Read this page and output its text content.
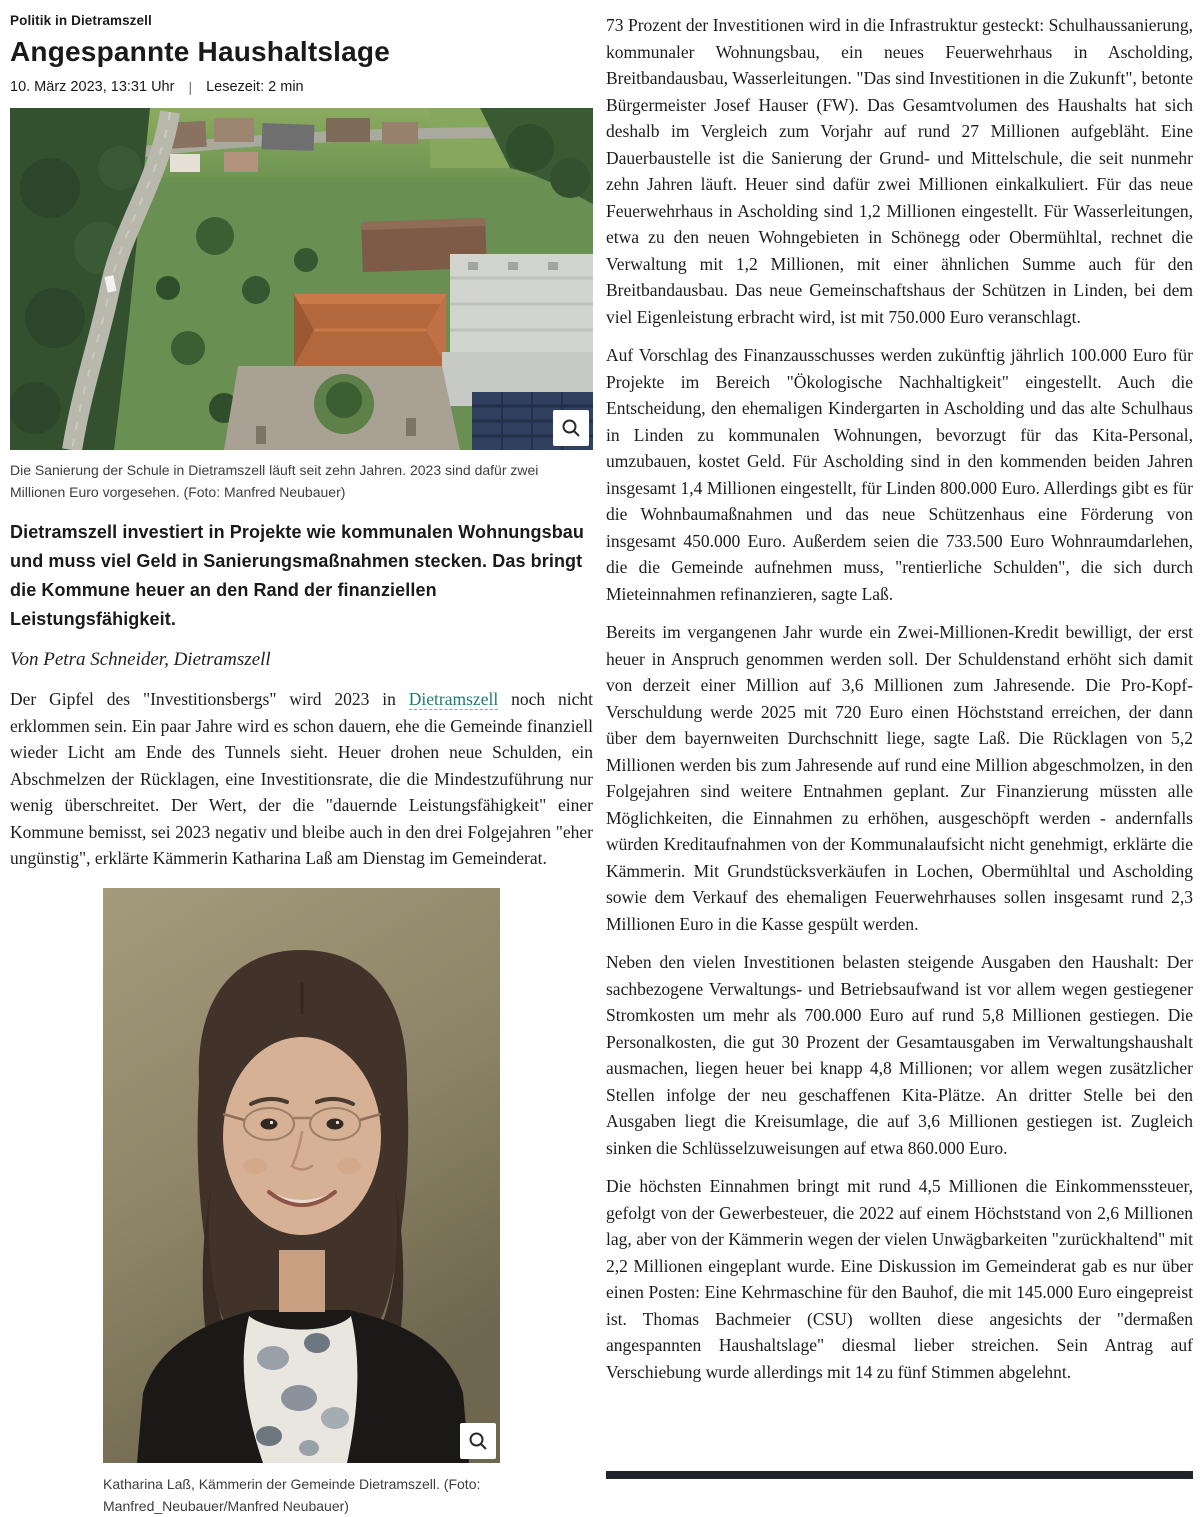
Politik in Dietramszell
Angespannte Haushaltslage
10. März 2023, 13:31 Uhr | Lesezeit: 2 min
Die Sanierung der Schule in Dietramszell läuft seit zehn Jahren. 2023 sind dafür zwei Millionen Euro vorgesehen. (Foto: Manfred Neubauer)

Dietramszell investiert in Projekte wie kommunalen Wohnungsbau und muss viel Geld in Sanierungsmaßnahmen stecken. Das bringt die Kommune heuer an den Rand der finanziellen Leistungsfähigkeit.

Von Petra Schneider, Dietramszell

Der Gipfel des "Investitionsbergs" wird 2023 in Dietramszell noch nicht erklommen sein. Ein paar Jahre wird es schon dauern, ehe die Gemeinde finanziell wieder Licht am Ende des Tunnels sieht. Heuer drohen neue Schulden, ein Abschmelzen der Rücklagen, eine Investitionsrate, die die Mindestzuführung nur wenig überschreitet. Der Wert, der die "dauernde Leistungsfähigkeit" einer Kommune bemisst, sei 2023 negativ und bleibe auch in den drei Folgejahren "eher ungünstig", erklärte Kämmerin Katharina Laß am Dienstag im Gemeinderat.

Katharina Laß, Kämmerin der Gemeinde Dietramszell. (Foto: Manfred_Neubauer/Manfred Neubauer)

73 Prozent der Investitionen wird in die Infrastruktur gesteckt: Schulhaussanierung, kommunaler Wohnungsbau, ein neues Feuerwehrhaus in Ascholding, Breitbandausbau, Wasserleitungen. "Das sind Investitionen in die Zukunft", betonte Bürgermeister Josef Hauser (FW). Das Gesamtvolumen des Haushalts hat sich deshalb im Vergleich zum Vorjahr auf rund 27 Millionen aufgebläht. Eine Dauerbaustelle ist die Sanierung der Grund- und Mittelschule, die seit nunmehr zehn Jahren läuft. Heuer sind dafür zwei Millionen einkalkuliert. Für das neue Feuerwehrhaus in Ascholding sind 1,2 Millionen eingestellt. Für Wasserleitungen, etwa zu den neuen Wohngebieten in Schönegg oder Obermühltal, rechnet die Verwaltung mit 1,2 Millionen, mit einer ähnlichen Summe auch für den Breitbandausbau. Das neue Gemeinschaftshaus der Schützen in Linden, bei dem viel Eigenleistung erbracht wird, ist mit 750.000 Euro veranschlagt.

Auf Vorschlag des Finanzausschusses werden zukünftig jährlich 100.000 Euro für Projekte im Bereich "Ökologische Nachhaltigkeit" eingestellt. Auch die Entscheidung, den ehemaligen Kindergarten in Ascholding und das alte Schulhaus in Linden zu kommunalen Wohnungen, bevorzugt für das Kita-Personal, umzubauen, kostet Geld. Für Ascholding sind in den kommenden beiden Jahren insgesamt 1,4 Millionen eingestellt, für Linden 800.000 Euro. Allerdings gibt es für die Wohnbaumaßnahmen und das neue Schützenhaus eine Förderung von insgesamt 450.000 Euro. Außerdem seien die 733.500 Euro Wohnraumdarlehen, die die Gemeinde aufnehmen muss, "rentierliche Schulden", die sich durch Mieteinnahmen refinanzieren, sagte Laß.

Bereits im vergangenen Jahr wurde ein Zwei-Millionen-Kredit bewilligt, der erst heuer in Anspruch genommen werden soll. Der Schuldenstand erhöht sich damit von derzeit einer Million auf 3,6 Millionen zum Jahresende. Die Pro-Kopf-Verschuldung werde 2025 mit 720 Euro einen Höchststand erreichen, der dann über dem bayernweiten Durchschnitt liege, sagte Laß. Die Rücklagen von 5,2 Millionen werden bis zum Jahresende auf rund eine Million abgeschmolzen, in den Folgejahren sind weitere Entnahmen geplant. Zur Finanzierung müssten alle Möglichkeiten, die Einnahmen zu erhöhen, ausgeschöpft werden - andernfalls würden Kreditaufnahmen von der Kommunalaufsicht nicht genehmigt, erklärte die Kämmerin. Mit Grundstücksverkäufen in Lochen, Obermühltal und Ascholding sowie dem Verkauf des ehemaligen Feuerwehrhauses sollen insgesamt rund 2,3 Millionen Euro in die Kasse gespült werden.

Neben den vielen Investitionen belasten steigende Ausgaben den Haushalt: Der sachbezogene Verwaltungs- und Betriebsaufwand ist vor allem wegen gestiegener Stromkosten um mehr als 700.000 Euro auf rund 5,8 Millionen gestiegen. Die Personalkosten, die gut 30 Prozent der Gesamtausgaben im Verwaltungshaushalt ausmachen, liegen heuer bei knapp 4,8 Millionen; vor allem wegen zusätzlicher Stellen infolge der neu geschaffenen Kita-Plätze. An dritter Stelle bei den Ausgaben liegt die Kreisumlage, die auf 3,6 Millionen gestiegen ist. Zugleich sinken die Schlüsselzuweisungen auf etwa 860.000 Euro.

Die höchsten Einnahmen bringt mit rund 4,5 Millionen die Einkommenssteuer, gefolgt von der Gewerbesteuer, die 2022 auf einem Höchststand von 2,6 Millionen lag, aber von der Kämmerin wegen der vielen Unwägbarkeiten "zurückhaltend" mit 2,2 Millionen eingeplant wurde. Eine Diskussion im Gemeinderat gab es nur über einen Posten: Eine Kehrmaschine für den Bauhof, die mit 145.000 Euro eingepreist ist. Thomas Bachmeier (CSU) wollten diese angesichts der "dermaßen angespannten Haushaltslage" diesmal lieber streichen. Sein Antrag auf Verschiebung wurde allerdings mit 14 zu fünf Stimmen abgelehnt.
